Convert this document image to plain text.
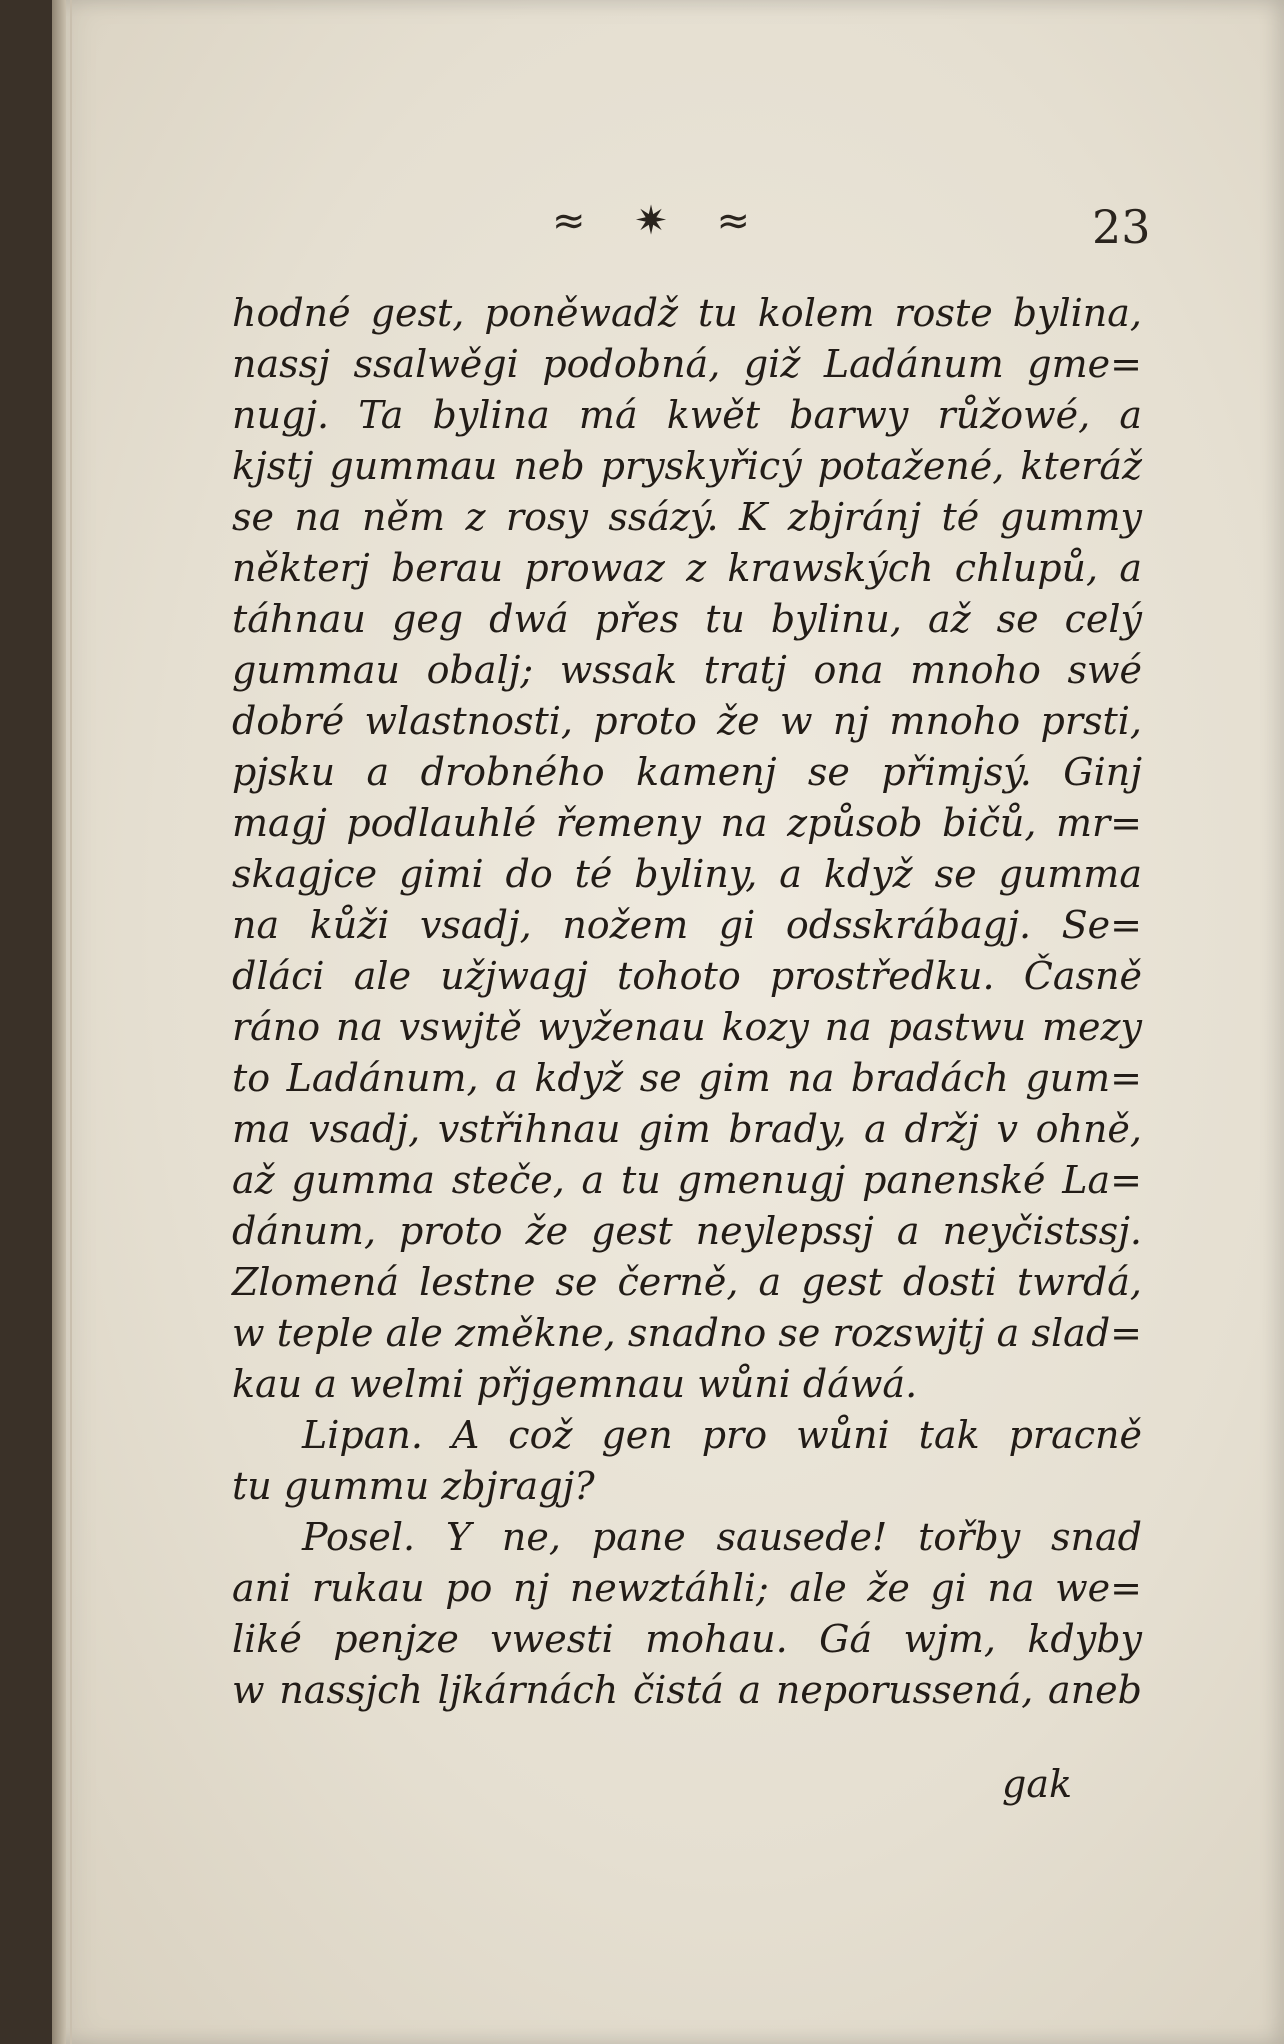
≈ ✷ ≈	23
hodné gest, poněwadž tu kolem roste bylina,
nassj ssalwěgi podobná, giž Ladánum gme=
nugj. Ta bylina má kwět barwy růžowé, a
kjstj gummau neb pryskyřicý potažené, kteráž
se na něm z rosy ssázý. K zbjránj té gummy
některj berau prowaz z krawských chlupů, a
táhnau geg dwá přes tu bylinu, až se celý
gummau obalj; wssak tratj ona mnoho swé
dobré wlastnosti, proto že w nj mnoho prsti,
pjsku a drobného kamenj se přimjsý. Ginj
magj podlauhlé řemeny na způsob bičů, mr=
skagjce gimi do té byliny, a když se gumma
na kůži vsadj, nožem gi odsskrábagj. Se=
dláci ale užjwagj tohoto prostředku. Časně
ráno na vswjtě wyženau kozy na pastwu mezy
to Ladánum, a když se gim na bradách gum=
ma vsadj, vstřihnau gim brady, a držj v ohně,
až gumma steče, a tu gmenugj panenské La=
dánum, proto že gest neylepssj a neyčistssj.
Zlomená lestne se černě, a gest dosti twrdá,
w teple ale změkne, snadno se rozswjtj a slad=
kau a welmi přjgemnau wůni dáwá.
Lipan. A což gen pro wůni tak pracně
tu gummu zbjragj?
Posel. Y ne, pane sausede! tořby snad
ani rukau po nj newztáhli; ale že gi na we=
liké penjze vwesti mohau. Gá wjm, kdyby
w nassjch ljkárnách čistá a neporussená, aneb
gak
